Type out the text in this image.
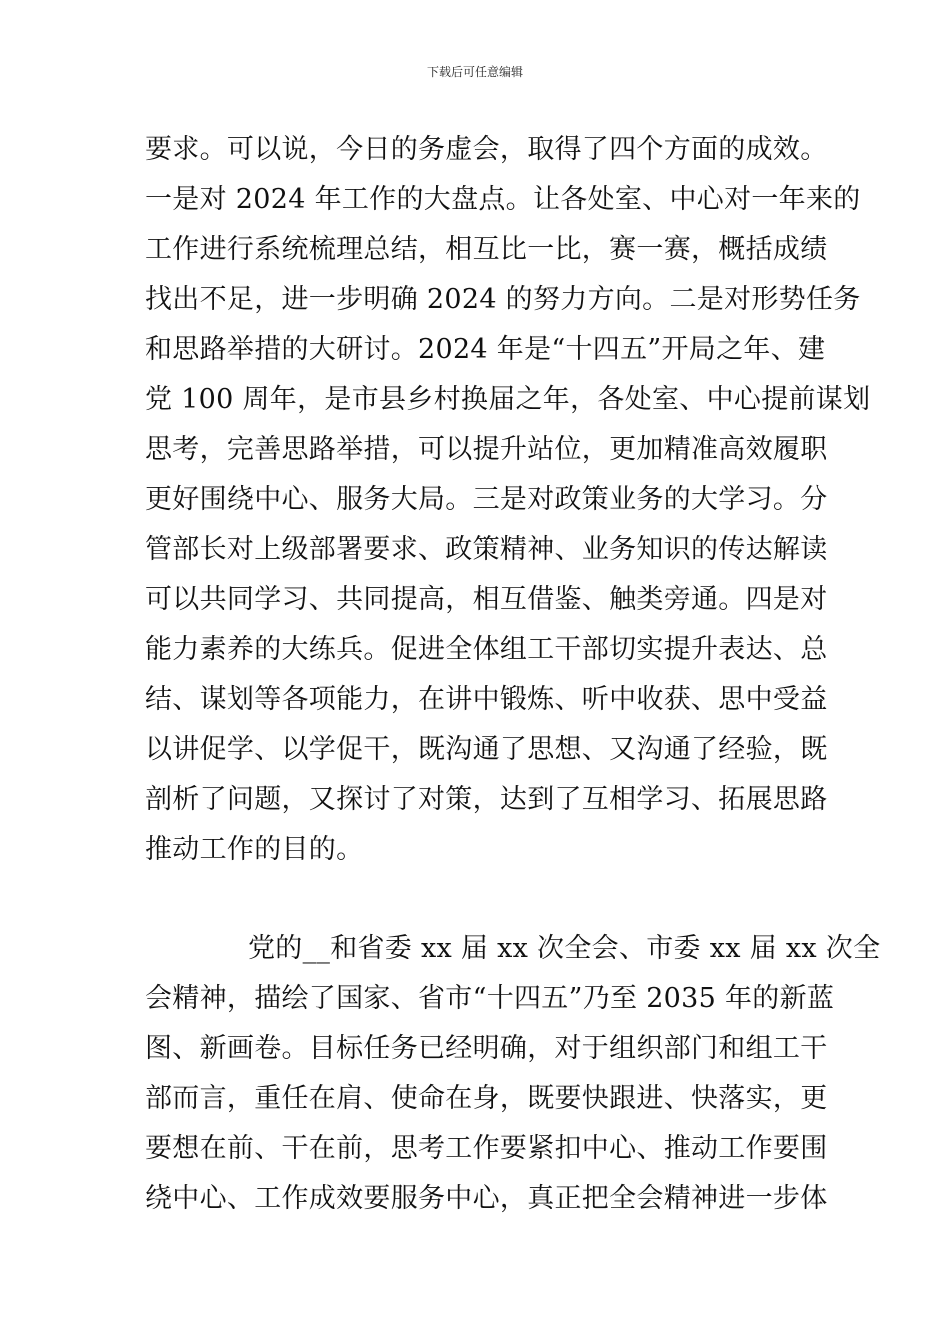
下载后可任意编辑
要求。可以说，今日的务虚会，取得了四个方面的成效。
一是对 2024 年工作的大盘点。让各处室、中心对一年来的
工作进行系统梳理总结，相互比一比，赛一赛，概括成绩
找出不足，进一步明确 2024 的努力方向。二是对形势任务
和思路举措的大研讨。2024 年是“十四五”开局之年、建
党 100 周年，是市县乡村换届之年，各处室、中心提前谋划
思考，完善思路举措，可以提升站位，更加精准高效履职
更好围绕中心、服务大局。三是对政策业务的大学习。分
管部长对上级部署要求、政策精神、业务知识的传达解读
可以共同学习、共同提高，相互借鉴、触类旁通。四是对
能力素养的大练兵。促进全体组工干部切实提升表达、总
结、谋划等各项能力，在讲中锻炼、听中收获、思中受益
以讲促学、以学促干，既沟通了思想、又沟通了经验，既
剖析了问题，又探讨了对策，达到了互相学习、拓展思路
推动工作的目的。
党的__和省委 xx 届 xx 次全会、市委 xx 届 xx 次全
会精神，描绘了国家、省市“十四五”乃至 2035 年的新蓝
图、新画卷。目标任务已经明确，对于组织部门和组工干
部而言，重任在肩、使命在身，既要快跟进、快落实，更
要想在前、干在前，思考工作要紧扣中心、推动工作要围
绕中心、工作成效要服务中心，真正把全会精神进一步体
